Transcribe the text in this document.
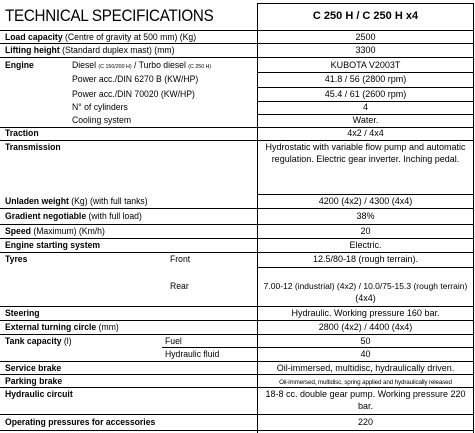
TECHNICAL SPECIFICATIONS	C 250 H / C 250 H x4
Load capacity (Centre of gravity at 500 mm) (Kg)	2500
Lifting height (Standard duplex mast) (mm)	3300
Engine	Diesel (C 150/200 H) / Turbo diesel (C 250 H)	KUBOTA V2003T
Power acc./DIN 6270 B (KW/HP)	41.8 / 56 (2800 rpm)
Power acc./DIN 70020 (KW/HP)	45.4 / 61 (2600 rpm)
N° of cylinders	4
Cooling system	Water.
Traction	4x2 / 4x4
Transmission	Hydrostatic with variable flow pump and automatic
regulation. Electric gear inverter. Inching pedal.
Unladen weight (Kg) (with full tanks)	4200 (4x2) / 4300 (4x4)
Gradient negotiable (with full load)	38%
Speed (Maximum) (Km/h)	20
Engine starting system	Electric.
Tyres	Front	12.5/80-18 (rough terrain).
Rear	7.00-12 (industrial) (4x2) / 10.0/75-15.3 (rough terrain)
(4x4)
Steering	Hydraulic. Working pressure 160 bar.
External turning circle (mm)	2800 (4x2) / 4400 (4x4)
Tank capacity (l)	Fuel	50
Hydraulic fluid	40
Service brake	Oil-immersed, multidisc, hydraulically driven.
Parking brake	Oil-immersed, multidisc, spring applied and hydraulically released
Hydraulic circuit	18-8 cc. double gear pump. Working pressure 220
bar.
Operating pressures for accessories	220
